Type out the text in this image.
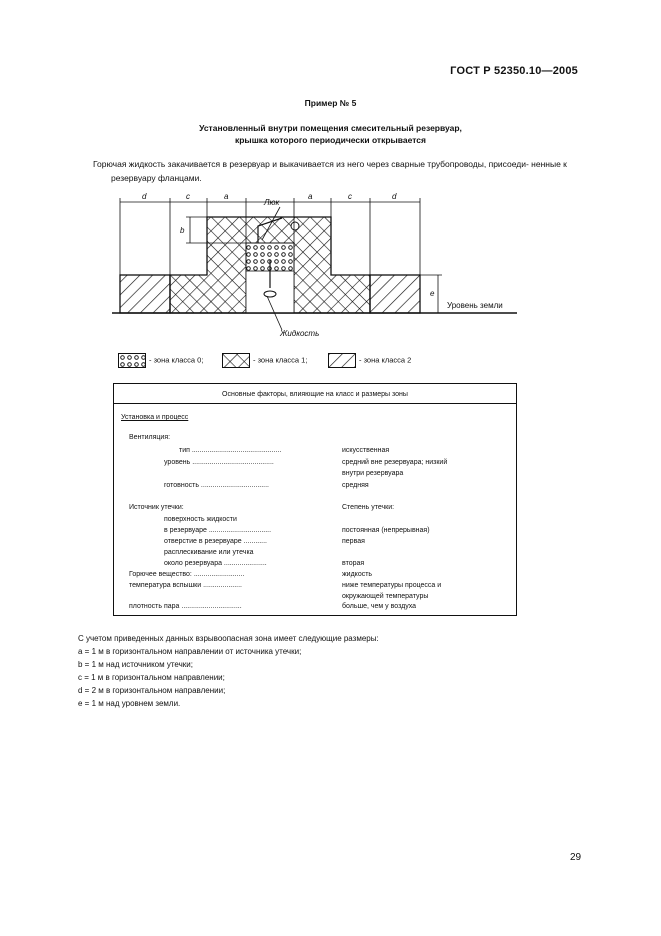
ГОСТ Р 52350.10—2005
Пример № 5
Установленный внутри помещения смесительный резервуар,
крышка которого периодически открывается
Горючая жидкость закачивается в резервуар и выкачивается из него через сварные трубопроводы, присоеди- ненные к резервуару фланцами.
d	c	a	a	c	d
b
e
Люк
Жидкость
Уровень земли
- зона класса 0;	- зона класса 1;	- зона класса 2
Основные факторы, влияющие на класс и размеры зоны
Установка и процесс
Вентиляция:
тип ..............................................	искусственная
уровень ..........................................	средний вне резервуара; низкий
внутри резервуара
готовность ...................................	средняя
Источник утечки:	Степень утечки:
поверхность жидкости
в резервуаре ................................	постоянная (непрерывная)
отверстие в резервуаре ............	первая
расплескивание или утечка
около резервуара ......................	вторая
Горючее вещество: ..........................	жидкость
температура вспышки ....................	ниже температуры процесса и
окружающей температуры
плотность пара ...............................	больше, чем у воздуха
С учетом приведенных данных взрывоопасная зона имеет следующие размеры:
a = 1 м в горизонтальном направлении от источника утечки;
b = 1 м над источником утечки;
c = 1 м в горизонтальном направлении;
d = 2 м в горизонтальном направлении;
e = 1 м над уровнем земли.
29
